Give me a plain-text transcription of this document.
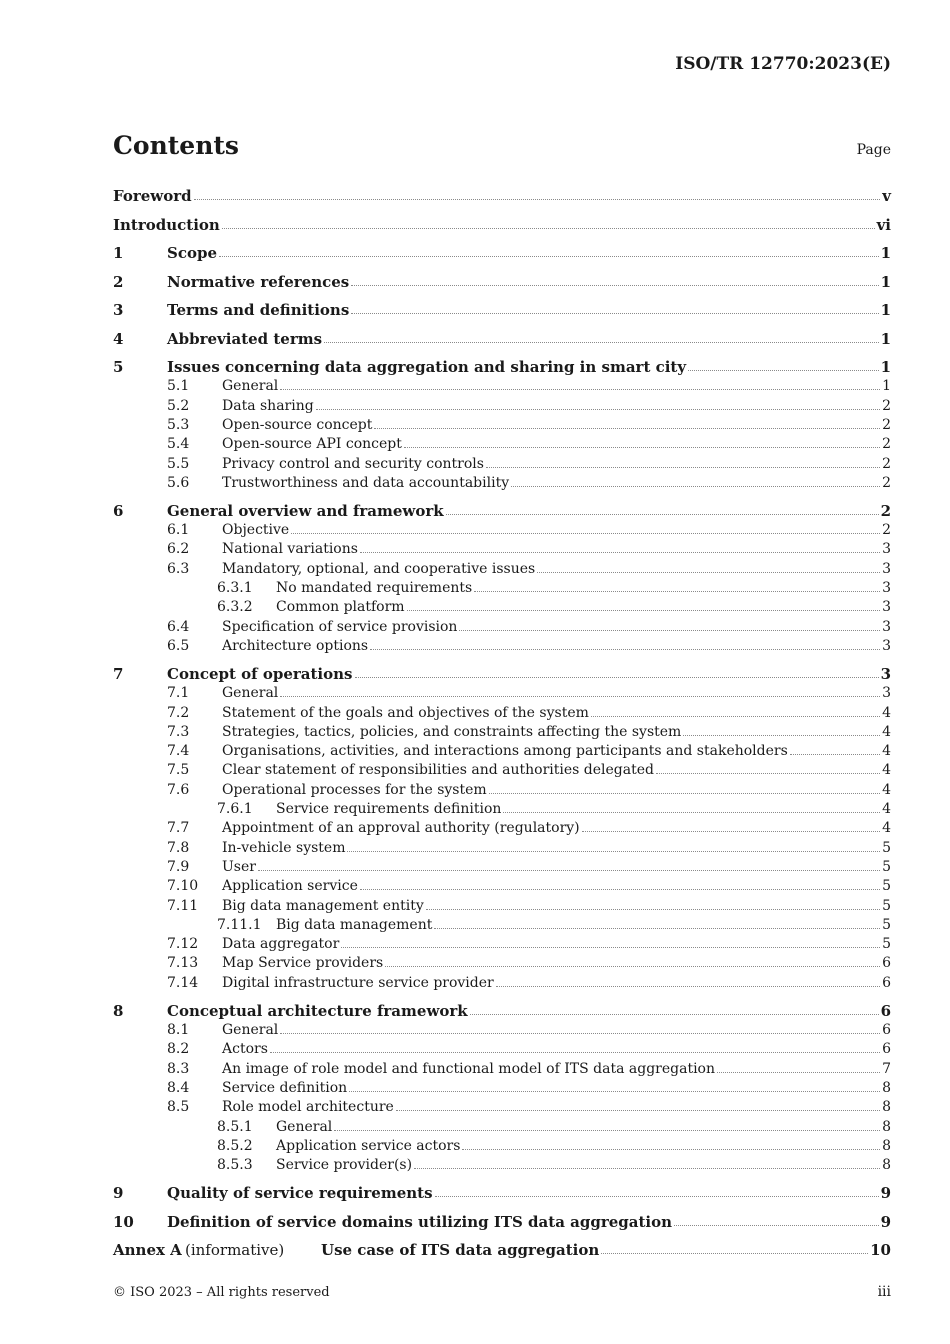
ISO/TR 12770:2023(E)
Contents	Page
Foreword	v
Introduction	vi
1	Scope	1
2	Normative references	1
3	Terms and definitions	1
4	Abbreviated terms	1
5	Issues concerning data aggregation and sharing in smart city	1
5.1 General	1
5.2 Data sharing	2
5.3 Open-source concept	2
5.4 Open-source API concept	2
5.5 Privacy control and security controls	2
5.6 Trustworthiness and data accountability	2
6	General overview and framework	2
6.1 Objective	2
6.2 National variations	3
6.3 Mandatory, optional, and cooperative issues	3
6.3.1 No mandated requirements	3
6.3.2 Common platform	3
6.4 Specification of service provision	3
6.5 Architecture options	3
7	Concept of operations	3
7.1 General	3
7.2 Statement of the goals and objectives of the system	4
7.3 Strategies, tactics, policies, and constraints affecting the system	4
7.4 Organisations, activities, and interactions among participants and stakeholders	4
7.5 Clear statement of responsibilities and authorities delegated	4
7.6 Operational processes for the system	4
7.6.1 Service requirements definition	4
7.7 Appointment of an approval authority (regulatory)	4
7.8 In-vehicle system	5
7.9 User	5
7.10 Application service	5
7.11 Big data management entity	5
7.11.1 Big data management	5
7.12 Data aggregator	5
7.13 Map Service providers	6
7.14 Digital infrastructure service provider	6
8	Conceptual architecture framework	6
8.1 General	6
8.2 Actors	6
8.3 An image of role model and functional model of ITS data aggregation	7
8.4 Service definition	8
8.5 Role model architecture	8
8.5.1 General	8
8.5.2 Application service actors	8
8.5.3 Service provider(s)	8
9	Quality of service requirements	9
10 Definition of service domains utilizing ITS data aggregation	9
Annex A (informative) Use case of ITS data aggregation	10
© ISO 2023 – All rights reserved	iii
